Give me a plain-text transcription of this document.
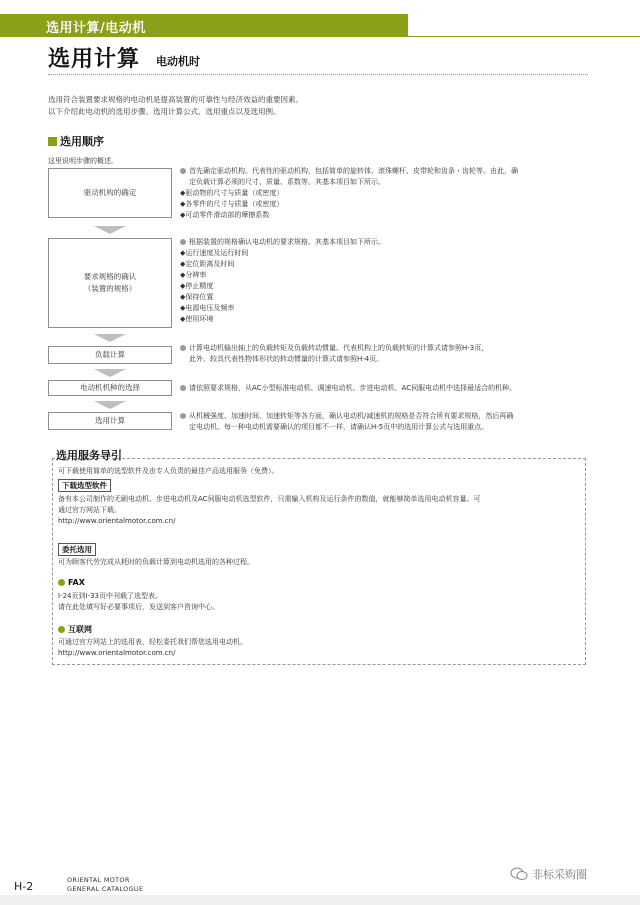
选用计算/电动机
选用计算 电动机时
选用符合装置要求规格的电动机是提高装置的可靠性与经济效益的重要因素。
以下介绍此电动机的选用步骤、选用计算公式、选用重点以及选用例。
选用顺序
这里说明步骤的概述。
驱动机构的确定
首先确定驱动机构。代表性的驱动机构，包括简单的旋转体、滚珠螺杆、皮带轮和齿条・齿轮等。由此，确
定负载计算必须的尺寸、质量、系数等。其基本项目如下所示。
◆驱动物的尺寸与质量（或密度）
◆各零件的尺寸与质量（或密度）
◆可动零件滑动部的摩擦系数
要求规格的确认
（装置的规格）
根据装置的规格确认电动机的要求规格。其基本项目如下所示。
◆运行速度及运行时间
◆定位距离及时间
◆分辨率
◆停止精度
◆保持位置
◆电源电压及频率
◆使用环境
负载计算
计算电动机输出轴上的负载转矩及负载转动惯量。代表机构上的负载转矩的计算式请参照H-3页，
此外，较具代表性物体形状的转动惯量的计算式请参照H-4页。
电动机机种的选择	请依照要求规格，从AC小型标准电动机、调速电动机、步进电动机、AC伺服电动机中选择最适合的机种。
选用计算	从机械强度、加速时间、加速转矩等各方面，确认电动机/减速机的规格是否符合所有要求规格，然后再确
定电动机。每一种电动机需要确认的项目都不一样，请确认H-5页中的选用计算公式与选用重点。
选用服务导引
可下载使用简单的选型软件及由专人负责的最佳产品选用服务（免费）。
下载选型软件
备有本公司制作的无刷电动机、步进电动机及AC伺服电动机选型软件，只需输入机构及运行条件的数值，就能够简单选用电动机容量。可
通过官方网站下载。
http://www.orientalmotor.com.cn/
委托选用
可为顾客代劳完成从耗时的负载计算到电动机选用的各种过程。
FAX
I-24页到I-33页中刊载了选型表。
请在此处填写好必要事项后，发送到客户咨询中心。
互联网
可通过官方网站上的选用表，轻松委托我们帮您选用电动机。
http://www.orientalmotor.com.cn/
H-2	ORIENTAL MOTOR
GENERAL CATALOGUE
非标采购圈
